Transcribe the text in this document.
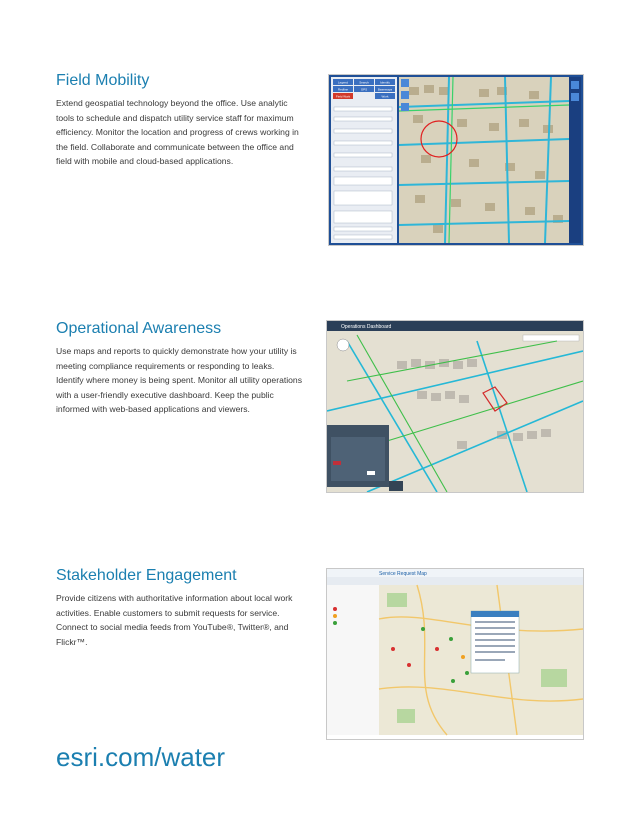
Field Mobility
Extend geospatial technology beyond the office. Use analytic tools to schedule and dispatch utility service staff for maximum efficiency. Monitor the location and progress of crews working in the field. Collaborate and communicate between the office and field with mobile and cloud-based applications.
Legend	Search	Identify
Redline	GPS	Basemaps
Field Work	Work
Operational Awareness
Use maps and reports to quickly demonstrate how your utility is meeting compliance requirements or responding to leaks. Identify where money is being spent. Monitor all utility operations with a user-friendly executive dashboard. Keep the public informed with web-based applications and viewers.
Operations Dashboard
Stakeholder Engagement
Provide citizens with authoritative information about local work activities. Enable customers to submit requests for service. Connect to social media feeds from YouTube®, Twitter®, and Flickr™.
Service Request Map
esri.com/water
